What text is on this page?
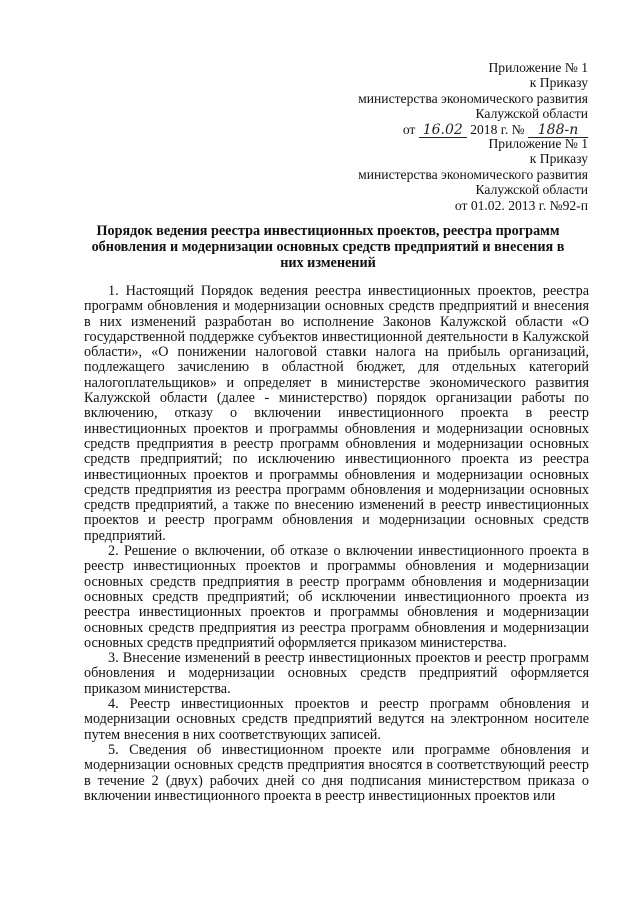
Приложение № 1
к Приказу
министерства экономического развития
Калужской области
от 16.02 2018 г. № 188-п
Приложение № 1
к Приказу
министерства экономического развития
Калужской области
от 01.02. 2013 г. №92-п
Порядок ведения реестра инвестиционных проектов, реестра программ обновления и модернизации основных средств предприятий и внесения в них изменений

1. Настоящий Порядок ведения реестра инвестиционных проектов, реестра программ обновления и модернизации основных средств предприятий и внесения в них изменений разработан во исполнение Законов Калужской области «О государственной поддержке субъектов инвестиционной деятельности в Калужской области», «О понижении налоговой ставки налога на прибыль организаций, подлежащего зачислению в областной бюджет, для отдельных категорий налогоплательщиков» и определяет в министерстве экономического развития Калужской области (далее - министерство) порядок организации работы по включению, отказу о включении инвестиционного проекта в реестр инвестиционных проектов и программы обновления и модернизации основных средств предприятия в реестр программ обновления и модернизации основных средств предприятий; по исключению инвестиционного проекта из реестра инвестиционных проектов и программы обновления и модернизации основных средств предприятия из реестра программ обновления и модернизации основных средств предприятий, а также по внесению изменений в реестр инвестиционных проектов и реестр программ обновления и модернизации основных средств предприятий.

2. Решение о включении, об отказе о включении инвестиционного проекта в реестр инвестиционных проектов и программы обновления и модернизации основных средств предприятия в реестр программ обновления и модернизации основных средств предприятий; об исключении инвестиционного проекта из реестра инвестиционных проектов и программы обновления и модернизации основных средств предприятия из реестра программ обновления и модернизации основных средств предприятий оформляется приказом министерства.

3. Внесение изменений в реестр инвестиционных проектов и реестр программ обновления и модернизации основных средств предприятий оформляется приказом министерства.

4. Реестр инвестиционных проектов и реестр программ обновления и модернизации основных средств предприятий ведутся на электронном носителе путем внесения в них соответствующих записей.

5. Сведения об инвестиционном проекте или программе обновления и модернизации основных средств предприятия вносятся в соответствующий реестр в течение 2 (двух) рабочих дней со дня подписания министерством приказа о включении инвестиционного проекта в реестр инвестиционных проектов или
